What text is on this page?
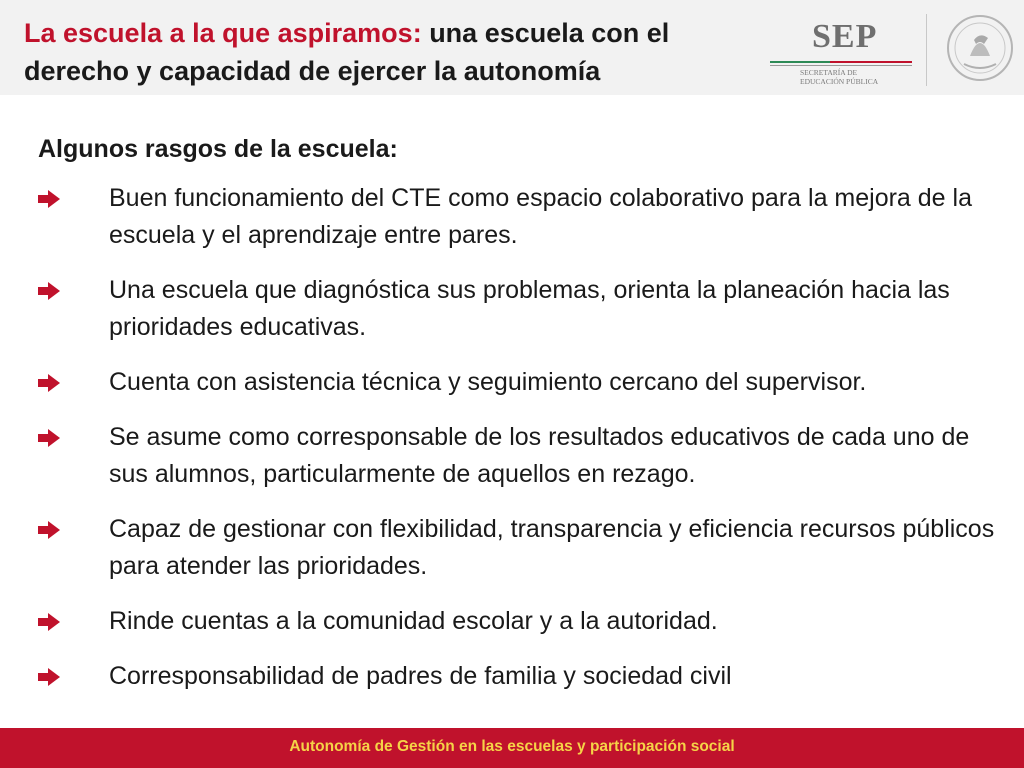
La escuela a la que aspiramos: una escuela con el derecho y capacidad de ejercer la autonomía
SEP
SECRETARÍA DE
EDUCACIÓN PÚBLICA
Algunos rasgos de la escuela:
Buen funcionamiento del CTE como espacio colaborativo para la mejora de la escuela y el aprendizaje entre pares.
Una escuela que diagnóstica sus problemas, orienta la planeación hacia las prioridades educativas.
Cuenta con asistencia técnica y seguimiento cercano del supervisor.
Se asume como corresponsable de los resultados educativos de cada uno de sus alumnos, particularmente de aquellos en rezago.
Capaz de gestionar con flexibilidad, transparencia y eficiencia recursos públicos para atender las prioridades.
Rinde cuentas a la comunidad escolar y a la autoridad.
Corresponsabilidad de padres de familia y sociedad civil
Autonomía de Gestión en las escuelas y participación social
